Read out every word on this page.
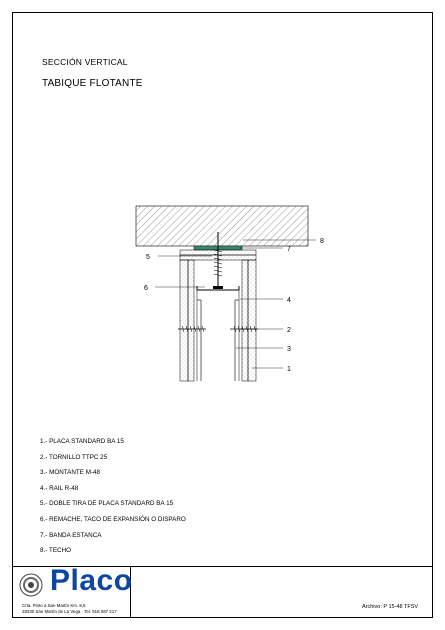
SECCIÓN VERTICAL
TABIQUE FLOTANTE
8
7
5
6
4
2
3
1
1.- PLACA STANDARD BA 15
2.- TORNILLO TTPC 25
3.- MONTANTE M-48
4.- RAIL R-48
5.- DOBLE TIRA DE PLACA STANDARD BA 15
6.- REMACHE, TACO DE EXPANSIÓN O DISPARO
7.- BANDA ESTANCA
8.- TECHO
Placo
Crta. Pinto a San Martín Km. 8,9
28330 San Martín de La Vega · Tel. 918 087 217
Archivo: P 15-48 TFSV
